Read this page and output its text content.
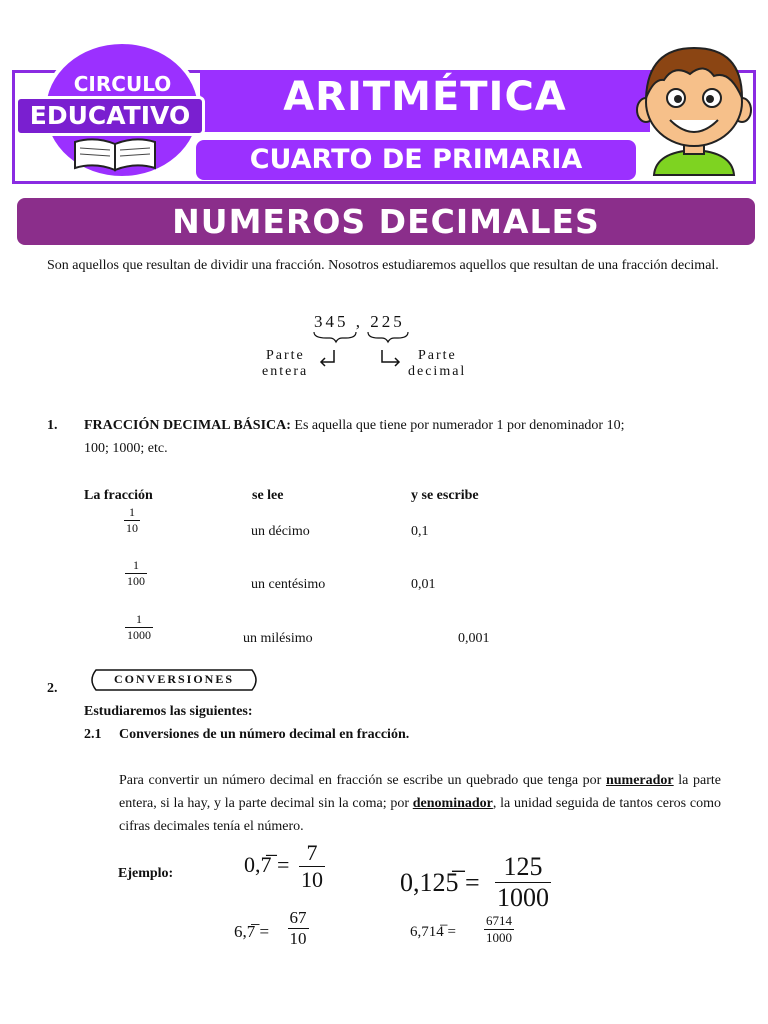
ARITMÉTICA
CUARTO DE PRIMARIA
CIRCULO
EDUCATIVO
NUMEROS DECIMALES
Son aquellos que resultan de dividir una fracción. Nosotros estudiaremos aquellos que resultan de una fracción decimal.
345 , 225
Parte
entera
Parte
decimal
1. FRACCIÓN DECIMAL BÁSICA: Es aquella que tiene por numerador 1 por denominador 10;
100; 1000; etc.
La fracción	se lee	y se escribe
$\frac{1}{10}$	un décimo	0,1
$\frac{1}{100}$	un centésimo	0,01
$\frac{1}{1000}$	un milésimo	0,001
2.
CONVERSIONES
Estudiaremos las siguientes:
2.1 Conversiones de un número decimal en fracción.
Para convertir un número decimal en fracción se escribe un quebrado que tenga por numerador la parte entera, si la hay, y la parte decimal sin la coma; por denominador, la unidad seguida de tantos ceros como cifras decimales tenía el número.
Ejemplo:	0,7̅ = $\frac{7}{10}$	0,125̅ = $\frac{125}{1000}$
6,7̅ = $\frac{67}{10}$	6,714̅ = $\frac{6714}{1000}$
